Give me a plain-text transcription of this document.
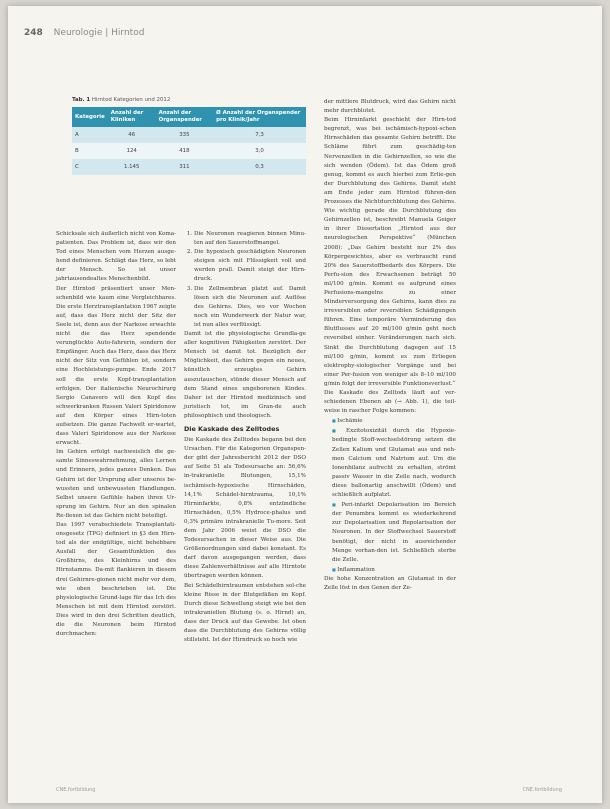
248 Neurologie | Hirntod
Tab. 1 Hirntod Kategorien und 2012
Kategorie	Anzahl der Kliniken	Anzahl der Organspender	Ø Anzahl der Organspender pro Klinik/Jahr
A	46	335	7,3
B	124	418	3,0
C	1.145	311	0,3

Schicksale sich äußerlich nicht von Koma-patienten. Das Problem ist, dass wir den Tod eines Menschen vom Herzen ausge-hend definieren. Schlägt das Herz, so lebt der Mensch. So ist unser jahrtausendealtes Menschenbild.

Der Hirntod präsentiert unser Men-schenbild wie kaum eine Vergleichbares. Die erste Herztransplantation 1967 zeigte auf, dass das Herz nicht der Sitz der Seele ist, denn aus der Narkose erwachte nicht die das Herz spendende verunglückte Auto-fahrerin, sondern der Empfänger. Auch das Herz, dass das Herz nicht der Sitz von Gefühlen ist, sondern eine Hochleistungs-pumpe. Ende 2017 soll die erste Kopf-transplantation erfolgen. Der italienische Neurochirurg Sergio Canavero will den Kopf des schwerkranken Russen Valeri Spiridonow auf den Körper eines Hirn-toten aufsetzen. Die ganze Fachwelt er-wartet, dass Valeri Spiridonow aus der Narkose erwacht.

Im Gehirn erfolgt nachweislich die ge-samte Sinneswahrnehmung, alles Lernen und Erinnern, jedes ganzes Denken. Das Gehirn ist der Ursprung aller unseres be-wussten und unbewussten Handlungen. Selbst unsere Gefühle haben ihren Ur-sprung im Gehirn. Nur an den spinalen Re-flexen ist das Gehirn nicht beteiligt.

Das 1997 verabschiedete Transplantati-onsgesetz (TPG) definiert in §3 den Hirn-tod als der endgültige, nicht behebbare Ausfall der Gesamtfunktion des Großhirns, des Kleinhirns und des Hirnstamms. Da-mit flankieren in diesem drei Gehirnre-gionen nicht mehr vor dem, wie oben beschrieben ist. Die physiologische Grund-lage für das Ich des Menschen ist mit dem Hirntod zerstört. Dies wird in den drei Schritten deutlich, die die Neuronen beim Hirntod durchmachen:

1. Die Neuronen reagieren binnen Minu-ten auf den Sauerstoffmangel.
2. Die hypoxisch geschädigten Neuronen steigen sich mit Flüssigkeit voll und werden prall. Damit steigt der Hirn-druck.
3. Die Zellmembran platzt auf. Damit lösen sich die Neuronen auf. Auflöse des Gehirns. Dies, wo vor Wochen noch ein Wunderwerk der Natur war, ist nun alles verflüssigt.

Damit ist die physiologische Grundla-ge aller kognitiven Fähigkeiten zerstört. Der Mensch ist damit tot. Bezüglich der Möglichkeit, das Gehirn gegen ein neues, künstlich erzeugtes Gehirn auszutauschen, stünde dieser Mensch auf dem Stand eines ungeborenen Kindes. Daher ist der Hirntod medizinisch und juristisch tot, im Gran-de auch philosophisch und theologisch.

Die Kaskade des Zelltodes

Die Kaskade des Zelltodes begann bei den Ursachen. Für die Kategorien Organspen-der gibt der Jahresbericht 2012 der DSO auf Seite 51 als Todesursache an: 56,6% in-trakranielle Blutungen, 15,1% ischämisch-hypoxische Hirnschäden, 14,1% Schädel-hirntrauma, 10,1% Hirninfarkte, 0,8% entzündliche Hirnschäden, 0,5% Hydroce-phalus und 0,3% primäre intrakranielle Tu-more. Seit dem Jahr 2006 weist die DSO die Todesursachen in dieser Weise aus. Die Größenordnungen sind dabei konstant. Es darf davon ausgegangen werden, dass diese Zahlenverhältnisse auf alle Hirntote übertragen werden können.

Bei Schädelhirntraumen entstehen sol-che kleine Risse in der Blutgefäßen im Kopf. Durch diese Schwellung steigt wie bei den intrakraniellen Blutung (s. o. Hirnd) an, dass der Druck auf das Gewebe. Ist oben dass die Durchblutung des Gehirns völlig stillsteht. Ist der Hirndruck so hoch wie

der mittlere Blutdruck, wird das Gehirn nicht mehr durchblutet.

Beim Hirninfarkt geschieht der Hirn-tod begrenzt, was bei ischämisch-hypoxi-schen Hirnschäden das gesamte Gehirn betrifft. Die Schläme führt zum geschädig-ten Nervenzellen in die Gehirnzellen, so wie die sich wenden (Ödem). Ist das Ödem groß genug, kommt es auch hierbei zum Erlie-gen der Durchblutung des Gehirns. Damit steht am Ende jeder zum Hirntod führen-den Prozesses die Nichtdurchblutung des Gehirns.

Wie wichtig gerade die Durchblutung des Gehirnzellen ist, beschreibt Manuela Geiger in ihrer Dissertation „Hirntod aus der neurologischen Perspektive“ (München 2008): „Das Gehirn besteht nur 2% des Körpergewichtes, aber es verbraucht rund 20% des Sauerstoffbedarfs des Körpers. Die Perfu-sion des Erwachsenen beträgt 50 ml/100 g/min. Kommt es aufgrund eines Perfusions-mangelns zu einer Minderversorgung des Gehirns, kann dies zu irreversiblen oder reversiblen Schädigungen führen. Eine temporäre Verminderung des Blutflusses auf 20 ml/100 g/min geht noch reversibel einher. Veränderungen nach sich. Sinkt die Durchblutung dagegen auf 15 ml/100 g/min, kommt es zum Erliegen elektrophy-siologischer Vorgänge und bei einer Per-fusion von weniger als 8–10 ml/100 g/min folgt der irreversible Funktionsverlust.“

Die Kaskade des Zelltods läuft auf ver-schiedenen Ebenen ab (→ Abb. 1), die teil-weise in rascher Folge kommen:

■ Ischämie
■ Exzitotoxizität durch die Hypoxie-bedingte Stoff-wechselstörung setzen die Zellen Kalium und Glutamat aus und neh-men Calcium und Natrium auf. Um die Ionenbilanz aufrecht zu erhalten, strömt passiv Wasser in die Zelle nach, wodurch diese ballonartig anschwillt (Ödem) und schließlich aufplatzt.
■ Peri-infarkt Depolarisation im Bereich der Penumbra kommt es wiederkehrend zur Depolarisation und Repolarisation der Neuronen. In der Stoffwechsel Sauerstoff benötigt, der nicht in ausreichender Menge vorhan-den ist. Schließlich sterbe die Zelle.
■ Inflammation

Die hohe Konzentration an Glutamat in der Zelle löst in den Genen der Ze-

CNE.fortbildung	CNE.fortbildung
